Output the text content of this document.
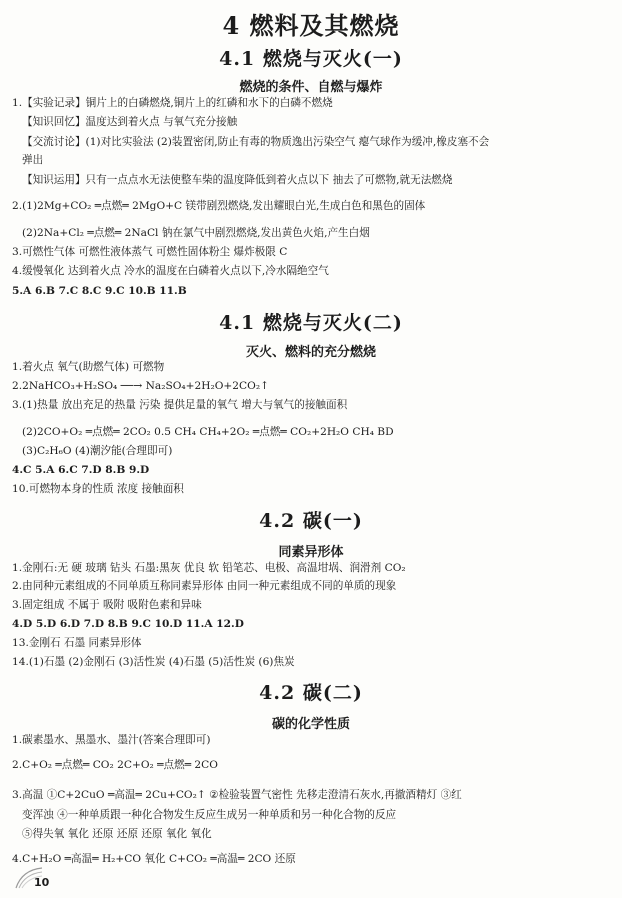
4 燃料及其燃烧
4.1 燃烧与灭火(一)
燃烧的条件、自燃与爆炸
1.【实验记录】铜片上的白磷燃烧,铜片上的红磷和水下的白磷不燃烧
【知识回忆】温度达到着火点 与氧气充分接触
【交流讨论】(1)对比实验法 (2)装置密闭,防止有毒的物质逸出污染空气 瘪气球作为缓冲,橡皮塞不会
弹出
【知识运用】只有一点点水无法使整车柴的温度降低到着火点以下 抽去了可燃物,就无法燃烧
2.(1)2Mg+CO₂ ═点燃═ 2MgO+C 镁带剧烈燃烧,发出耀眼白光,生成白色和黑色的固体
(2)2Na+Cl₂ ═点燃═ 2NaCl 钠在氯气中剧烈燃烧,发出黄色火焰,产生白烟
3.可燃性气体 可燃性液体蒸气 可燃性固体粉尘 爆炸极限 C
4.缓慢氧化 达到着火点 冷水的温度在白磷着火点以下,冷水隔绝空气
5.A 6.B 7.C 8.C 9.C 10.B 11.B
4.1 燃烧与灭火(二)
灭火、燃料的充分燃烧
1.着火点 氧气(助燃气体) 可燃物
2.2NaHCO₃+H₂SO₄ ──→ Na₂SO₄+2H₂O+2CO₂↑
3.(1)热量 放出充足的热量 污染 提供足量的氧气 增大与氧气的接触面积
(2)2CO+O₂ ═点燃═ 2CO₂ 0.5 CH₄ CH₄+2O₂ ═点燃═ CO₂+2H₂O CH₄ BD
(3)C₂H₆O (4)潮汐能(合理即可)
4.C 5.A 6.C 7.D 8.B 9.D
10.可燃物本身的性质 浓度 接触面积
4.2 碳(一)
同素异形体
1.金刚石:无 硬 玻璃 钻头 石墨:黑灰 优良 软 铅笔芯、电极、高温坩埚、润滑剂 CO₂
2.由同种元素组成的不同单质互称同素异形体 由同一种元素组成不同的单质的现象
3.固定组成 不属于 吸附 吸附色素和异味
4.D 5.D 6.D 7.D 8.B 9.C 10.D 11.A 12.D
13.金刚石 石墨 同素异形体
14.(1)石墨 (2)金刚石 (3)活性炭 (4)石墨 (5)活性炭 (6)焦炭
4.2 碳(二)
碳的化学性质
1.碳素墨水、黑墨水、墨汁(答案合理即可)
2.C+O₂ ═点燃═ CO₂ 2C+O₂ ═点燃═ 2CO
3.高温 ①C+2CuO ═高温═ 2Cu+CO₂↑ ②检验装置气密性 先移走澄清石灰水,再撤酒精灯 ③红
变浑浊 ④一种单质跟一种化合物发生反应生成另一种单质和另一种化合物的反应
⑤得失氧 氧化 还原 还原 还原 氧化 氧化
4.C+H₂O ═高温═ H₂+CO 氧化 C+CO₂ ═高温═ 2CO 还原
10
